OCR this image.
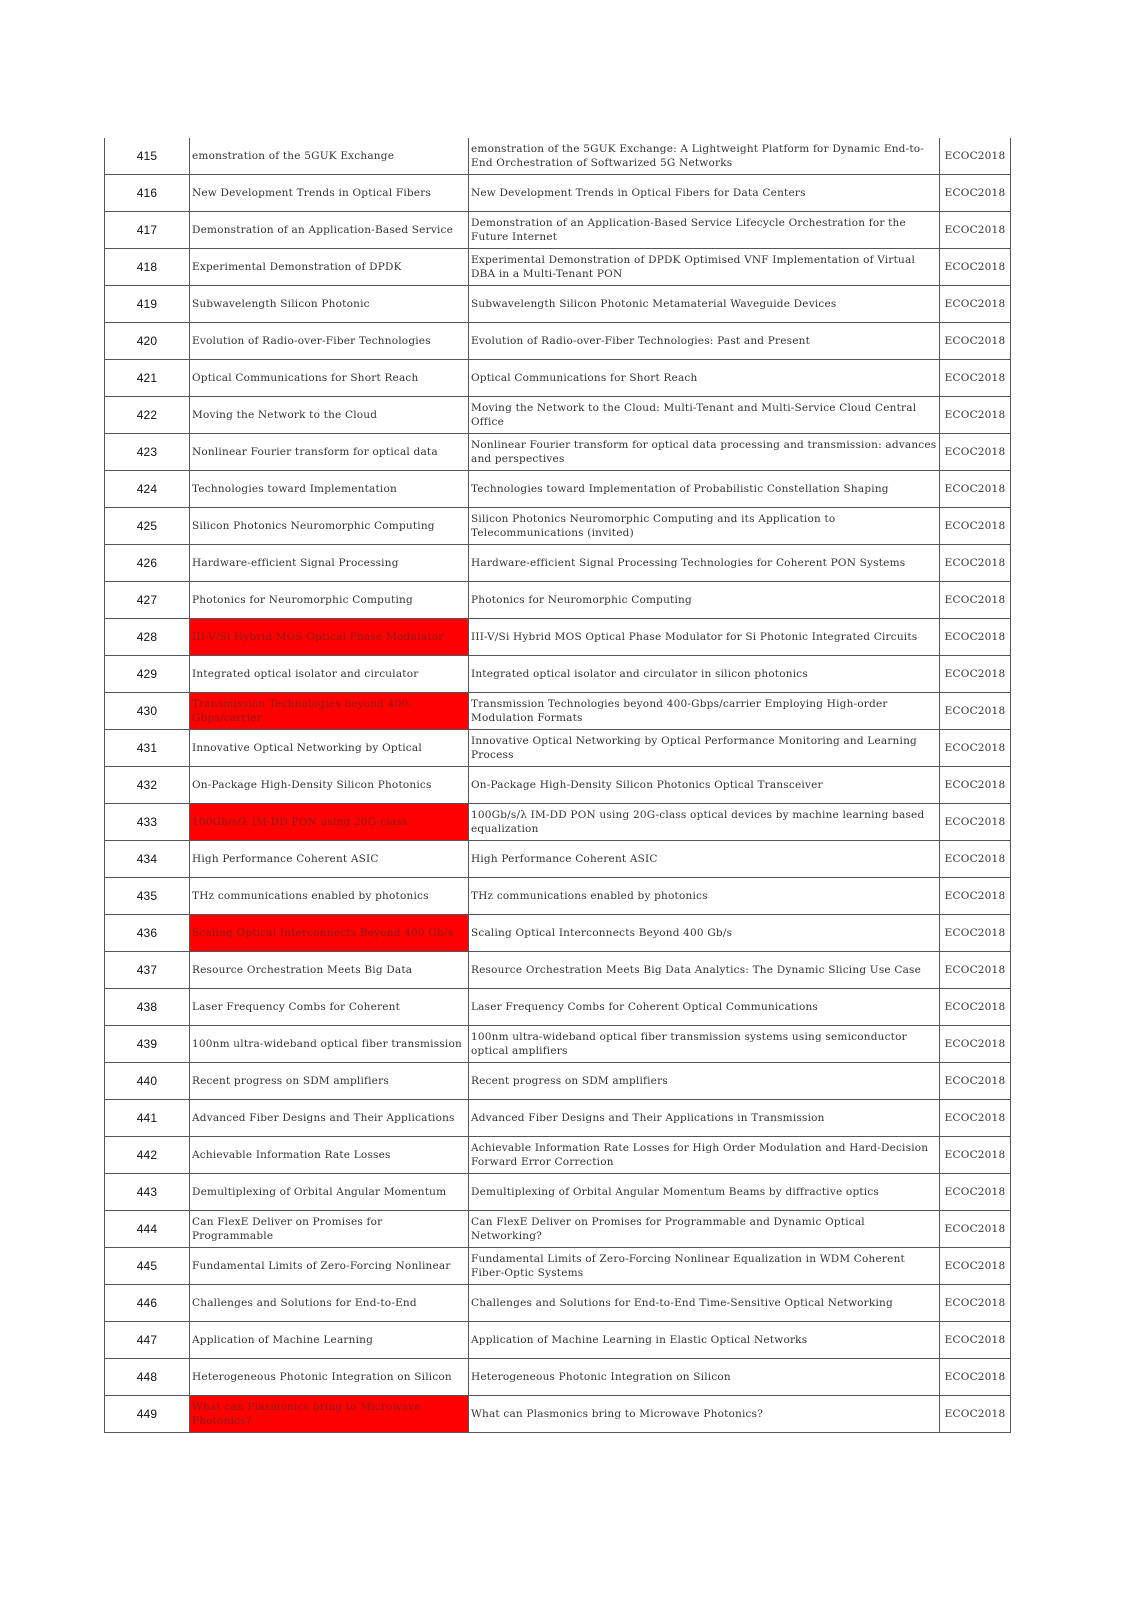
415	emonstration of the 5GUK Exchange	emonstration of the 5GUK Exchange: A Lightweight Platform for Dynamic End-to-End Orchestration of Softwarized 5G Networks	ECOC2018
416	New Development Trends in Optical Fibers	New Development Trends in Optical Fibers for Data Centers	ECOC2018
417	Demonstration of an Application-Based Service	Demonstration of an Application-Based Service Lifecycle Orchestration for the Future Internet	ECOC2018
418	Experimental Demonstration of DPDK	Experimental Demonstration of DPDK Optimised VNF Implementation of Virtual DBA in a Multi-Tenant PON	ECOC2018
419	Subwavelength Silicon Photonic	Subwavelength Silicon Photonic Metamaterial Waveguide Devices	ECOC2018
420	Evolution of Radio-over-Fiber Technologies	Evolution of Radio-over-Fiber Technologies: Past and Present	ECOC2018
421	Optical Communications for Short Reach	Optical Communications for Short Reach	ECOC2018
422	Moving the Network to the Cloud	Moving the Network to the Cloud: Multi-Tenant and Multi-Service Cloud Central Office	ECOC2018
423	Nonlinear Fourier transform for optical data	Nonlinear Fourier transform for optical data processing and transmission: advances and perspectives	ECOC2018
424	Technologies toward Implementation	Technologies toward Implementation of Probabilistic Constellation Shaping	ECOC2018
425	Silicon Photonics Neuromorphic Computing	Silicon Photonics Neuromorphic Computing and its Application to Telecommunications (invited)	ECOC2018
426	Hardware-efficient Signal Processing	Hardware-efficient Signal Processing Technologies for Coherent PON Systems	ECOC2018
427	Photonics for Neuromorphic Computing	Photonics for Neuromorphic Computing	ECOC2018
428	III-V/Si Hybrid MOS Optical Phase Modulator	III-V/Si Hybrid MOS Optical Phase Modulator for Si Photonic Integrated Circuits	ECOC2018
429	Integrated optical isolator and circulator	Integrated optical isolator and circulator in silicon photonics	ECOC2018
430	Transmission Technologies beyond 400-Gbps/carrier	Transmission Technologies beyond 400-Gbps/carrier Employing High-order Modulation Formats	ECOC2018
431	Innovative Optical Networking by Optical	Innovative Optical Networking by Optical Performance Monitoring and Learning Process	ECOC2018
432	On-Package High-Density Silicon Photonics	On-Package High-Density Silicon Photonics Optical Transceiver	ECOC2018
433	100Gb/s/λ IM-DD PON using 20G-class	100Gb/s/λ IM-DD PON using 20G-class optical devices by machine learning based equalization	ECOC2018
434	High Performance Coherent ASIC	High Performance Coherent ASIC	ECOC2018
435	THz communications enabled by photonics	THz communications enabled by photonics	ECOC2018
436	Scaling Optical Interconnects Beyond 400 Gb/s	Scaling Optical Interconnects Beyond 400 Gb/s	ECOC2018
437	Resource Orchestration Meets Big Data	Resource Orchestration Meets Big Data Analytics: The Dynamic Slicing Use Case	ECOC2018
438	Laser Frequency Combs for Coherent	Laser Frequency Combs for Coherent Optical Communications	ECOC2018
439	100nm ultra-wideband optical fiber transmission	100nm ultra-wideband optical fiber transmission systems using semiconductor optical amplifiers	ECOC2018
440	Recent progress on SDM amplifiers	Recent progress on SDM amplifiers	ECOC2018
441	Advanced Fiber Designs and Their Applications	Advanced Fiber Designs and Their Applications in Transmission	ECOC2018
442	Achievable Information Rate Losses	Achievable Information Rate Losses for High Order Modulation and Hard-Decision Forward Error Correction	ECOC2018
443	Demultiplexing of Orbital Angular Momentum	Demultiplexing of Orbital Angular Momentum Beams by diffractive optics	ECOC2018
444	Can FlexE Deliver on Promises for Programmable	Can FlexE Deliver on Promises for Programmable and Dynamic Optical Networking?	ECOC2018
445	Fundamental Limits of Zero-Forcing Nonlinear	Fundamental Limits of Zero-Forcing Nonlinear Equalization in WDM Coherent Fiber-Optic Systems	ECOC2018
446	Challenges and Solutions for End-to-End	Challenges and Solutions for End-to-End Time-Sensitive Optical Networking	ECOC2018
447	Application of Machine Learning	Application of Machine Learning in Elastic Optical Networks	ECOC2018
448	Heterogeneous Photonic Integration on Silicon	Heterogeneous Photonic Integration on Silicon	ECOC2018
449	What can Plasmonics bring to Microwave Photonics?	What can Plasmonics bring to Microwave Photonics?	ECOC2018
